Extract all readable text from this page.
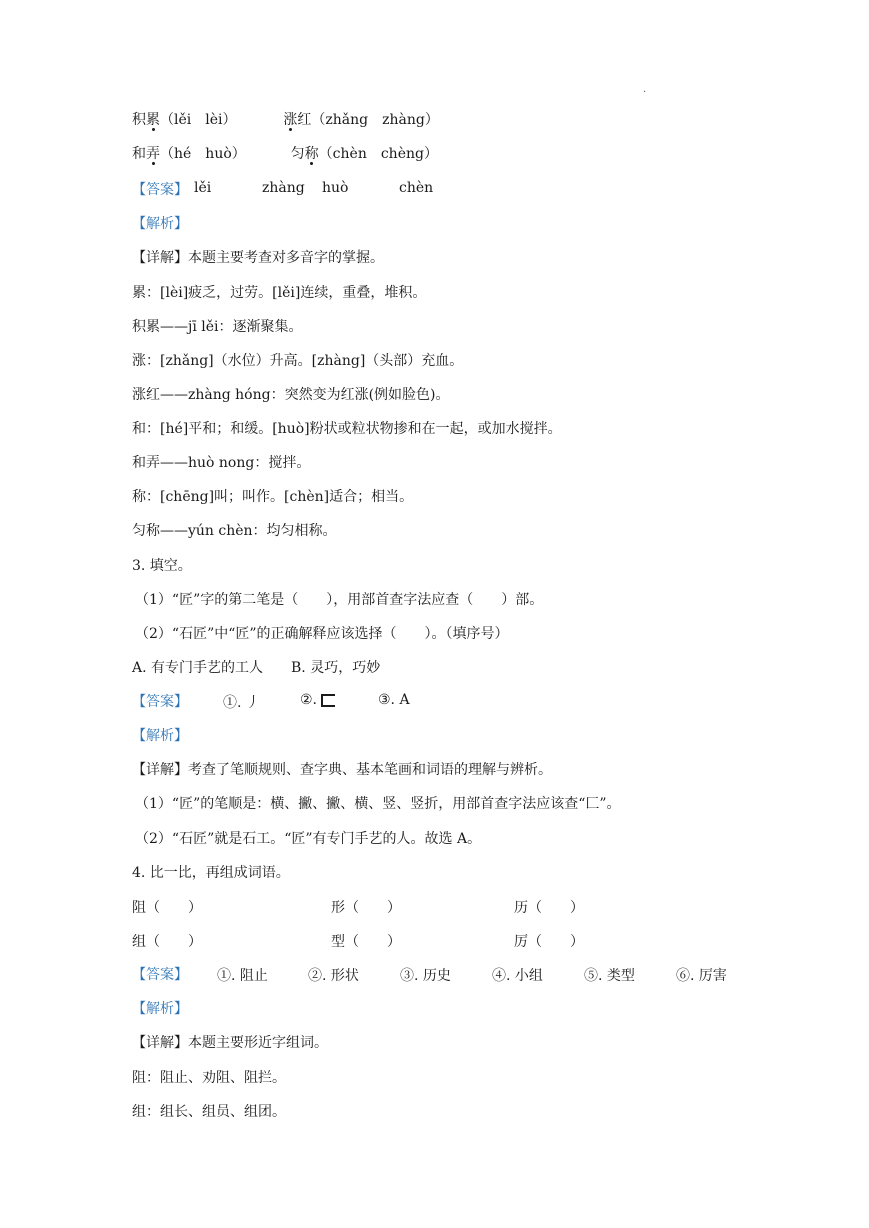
.
积累（lěi　lèi）	涨红（zhǎng　zhàng）
和弄（hé　huò）	匀称（chèn　chèng）
【答案】 lěi	zhàng huò	chèn
【解析】
【详解】本题主要考查对多音字的掌握。
累：[lèi]疲乏，过劳。[lěi]连续，重叠，堆积。
积累——jī lěi：逐渐聚集。
涨：[zhǎng]（水位）升高。[zhàng]（头部）充血。
涨红——zhàng hóng：突然变为红涨(例如脸色)。
和：[hé]平和；和缓。[huò]粉状或粒状物掺和在一起，或加水搅拌。
和弄——huò nong：搅拌。
称：[chēng]叫；叫作。[chèn]适合；相当。
匀称——yún chèn：均匀相称。
3. 填空。
（1）“匠”字的第二笔是（　　），用部首查字法应查（　　）部。
（2）“石匠”中“匠”的正确解释应该选择（　　）。（填序号）
A. 有专门手艺的工人　　B. 灵巧，巧妙
【答案】	①. 丿	②.	③. A
【解析】
【详解】考查了笔顺规则、查字典、基本笔画和词语的理解与辨析。
（1）“匠”的笔顺是：横、撇、撇、横、竖、竖折，用部首查字法应该查“匚”。
（2）“石匠”就是石工。“匠”有专门手艺的人。故选 A。
4. 比一比，再组成词语。
阻（　　）	形（　　）	历（　　）
组（　　）	型（　　）	厉（　　）
【答案】 ①. 阻止	②. 形状	③. 历史	④. 小组	⑤. 类型	⑥. 厉害
【解析】
【详解】本题主要形近字组词。
阻：阻止、劝阻、阻拦。
组：组长、组员、组团。
